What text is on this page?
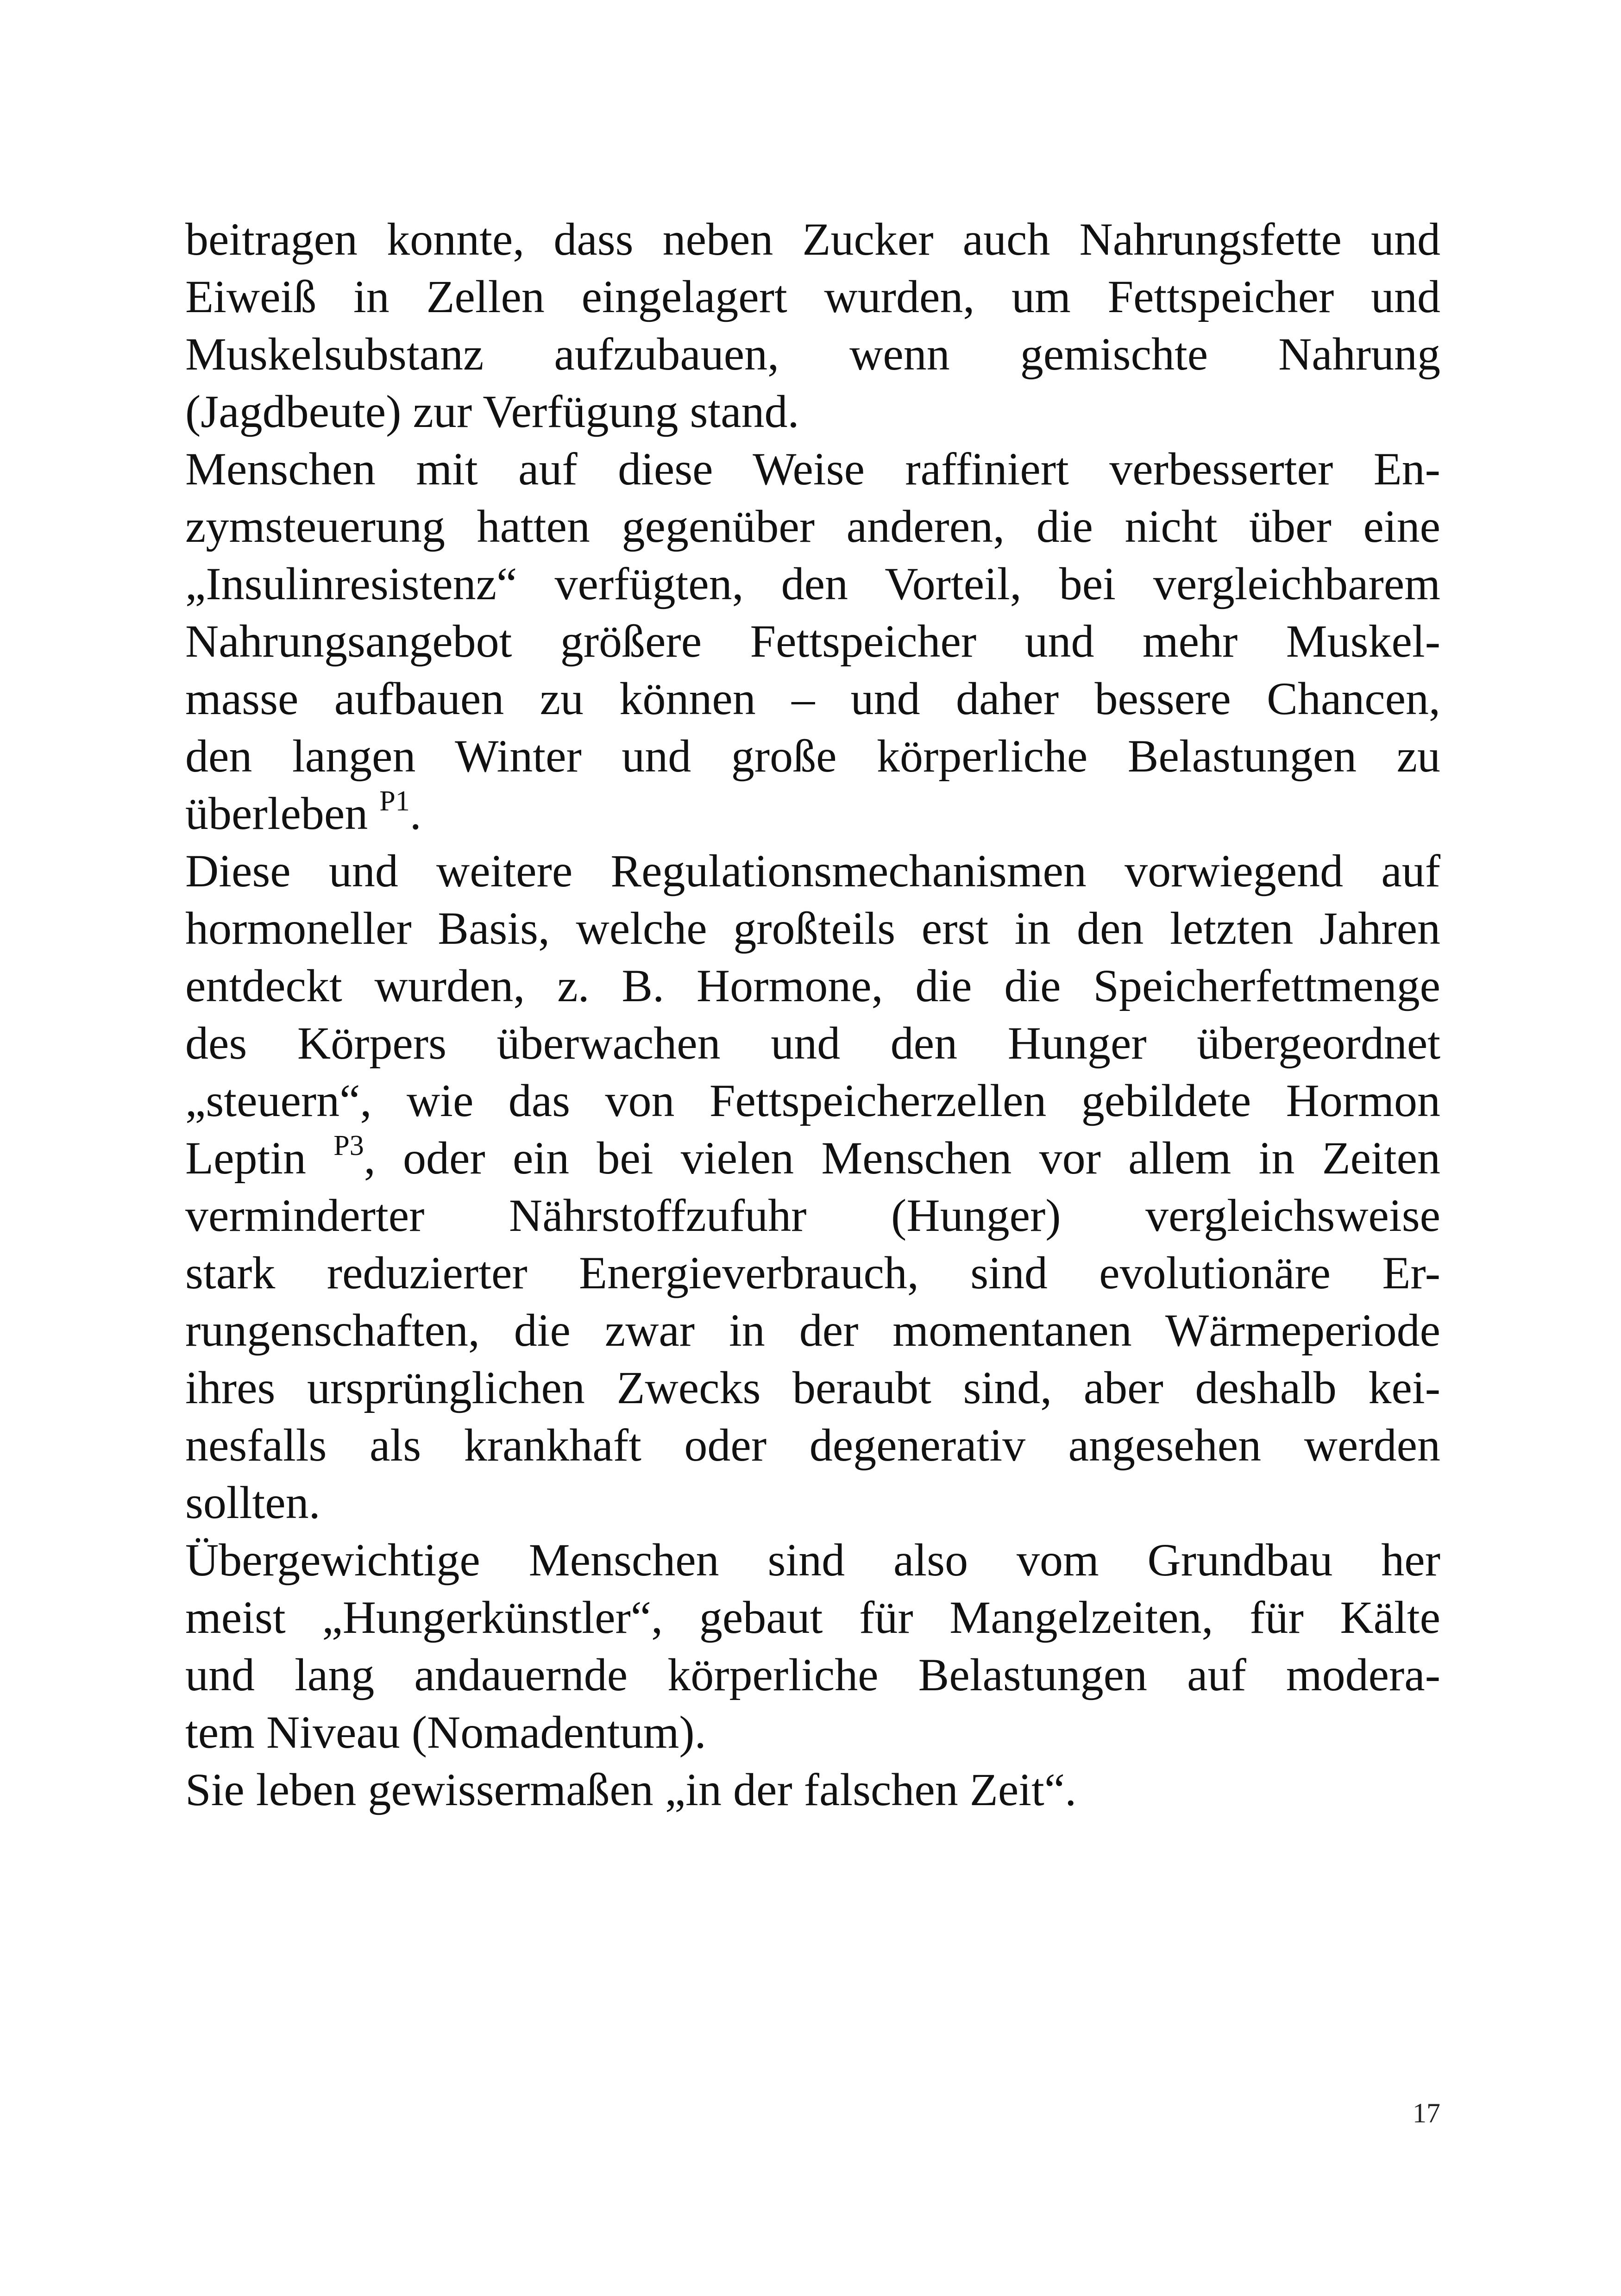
beitragen konnte, dass neben Zucker auch Nahrungsfette und
Eiweiß in Zellen eingelagert wurden, um Fettspeicher und
Muskelsubstanz aufzubauen, wenn gemischte Nahrung
(Jagdbeute) zur Verfügung stand.
Menschen mit auf diese Weise raffiniert verbesserter En-
zymsteuerung hatten gegenüber anderen, die nicht über eine
„Insulinresistenz“ verfügten, den Vorteil, bei vergleichbarem
Nahrungsangebot größere Fettspeicher und mehr Muskel-
masse aufbauen zu können – und daher bessere Chancen,
den langen Winter und große körperliche Belastungen zu
überleben $^{P1}$.
Diese und weitere Regulationsmechanismen vorwiegend auf
hormoneller Basis, welche großteils erst in den letzten Jahren
entdeckt wurden, z. B. Hormone, die die Speicherfettmenge
des Körpers überwachen und den Hunger übergeordnet
„steuern“, wie das von Fettspeicherzellen gebildete Hormon
Leptin $^{P3}$, oder ein bei vielen Menschen vor allem in Zeiten
verminderter Nährstoffzufuhr (Hunger) vergleichsweise
stark reduzierter Energieverbrauch, sind evolutionäre Er-
rungenschaften, die zwar in der momentanen Wärmeperiode
ihres ursprünglichen Zwecks beraubt sind, aber deshalb kei-
nesfalls als krankhaft oder degenerativ angesehen werden
sollten.
Übergewichtige Menschen sind also vom Grundbau her
meist „Hungerkünstler“, gebaut für Mangelzeiten, für Kälte
und lang andauernde körperliche Belastungen auf modera-
tem Niveau (Nomadentum).
Sie leben gewissermaßen „in der falschen Zeit“.
17
